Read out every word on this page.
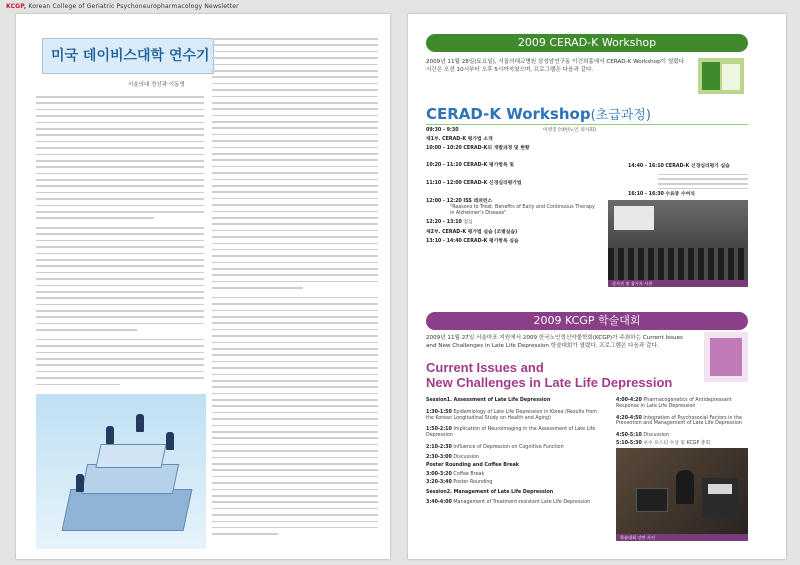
KCGP, Korean College of Geriatric Psychoneuropharmacology Newsletter
미국 데이비스대학 연수기
서울의대 정신과 이동영
2009 CERAD-K Workshop
2009년 11월 28일(토요일), 서울의대교병원 삼성암연구동 이건희홀에서 CERAD-K Workshop이 열렸다. 시간은 오전 10시부터 오후 5시까지였으며, 프로그램은 다음과 같다.
CERAD-K Workshop(초급과정)
09:30 - 9:30	이영진 (대한노인 의사회)
제1부. CERAD-K 평가법 소개
10:00 - 10:20 CERAD-K의 개발과정 및 현황
10:20 - 11:10 CERAD-K 평가항목 및
11:10 - 12:00 CERAD-K 신경심리평가법
12:00 - 12:20 ISS 레퍼런스
"Reasons to Treat: Benefits of Early and Continuous Therapy in Alzheimer's Disease"
12:20 - 13:10 점심
제2부. CERAD-K 평가법 실습 (조별실습)
13:10 - 14:40 CERAD-K 평가항목 실습
14:40 - 16:10 CERAD-K 신경심리평가 실습
16:10 - 16:30 수료증 수여식
강사진 및 참가자 사진
2009 KCGP 학술대회
2009년 11월 27일 서울마포 지원에서 2009 한국노인정신약물학회(KCGP)가 주최하는 Current Issues and New Challenges in Late Life Depression 학술대회가 열렸다. 프로그램은 다음과 같다.
Current Issues and
New Challenges in Late Life Depression
Session1. Assessment of Late Life Depression
1:30-1:50 Epidemiology of Late Life Depression in Korea (Results from the Korean Longitudinal Study on Health and Aging)
1:50-2:10 Implication of Neuroimaging in the Assessment of Late Life Depression
2:10-2:30 Influence of Depression on Cognitive Function
2:30-3:00 Discussion
Poster Rounding and Coffee Break
3:00-3:20 Coffee Break
3:20-3:40 Poster Rounding
Session2. Management of Late Life Depression
3:40-4:00 Management of Treatment-resistant Late Life Depression
4:00-4:20 Pharmacogenetics of Antidepressant Response in Late Life Depression
4:20-4:50 Integration of Psychosocial Factors in the Prevention and Management of Late Life Depression
4:50-5:10 Discussion
5:10-5:30 우수 포스터 수상 및 KCGP 총회
학술대회 강연 사진
